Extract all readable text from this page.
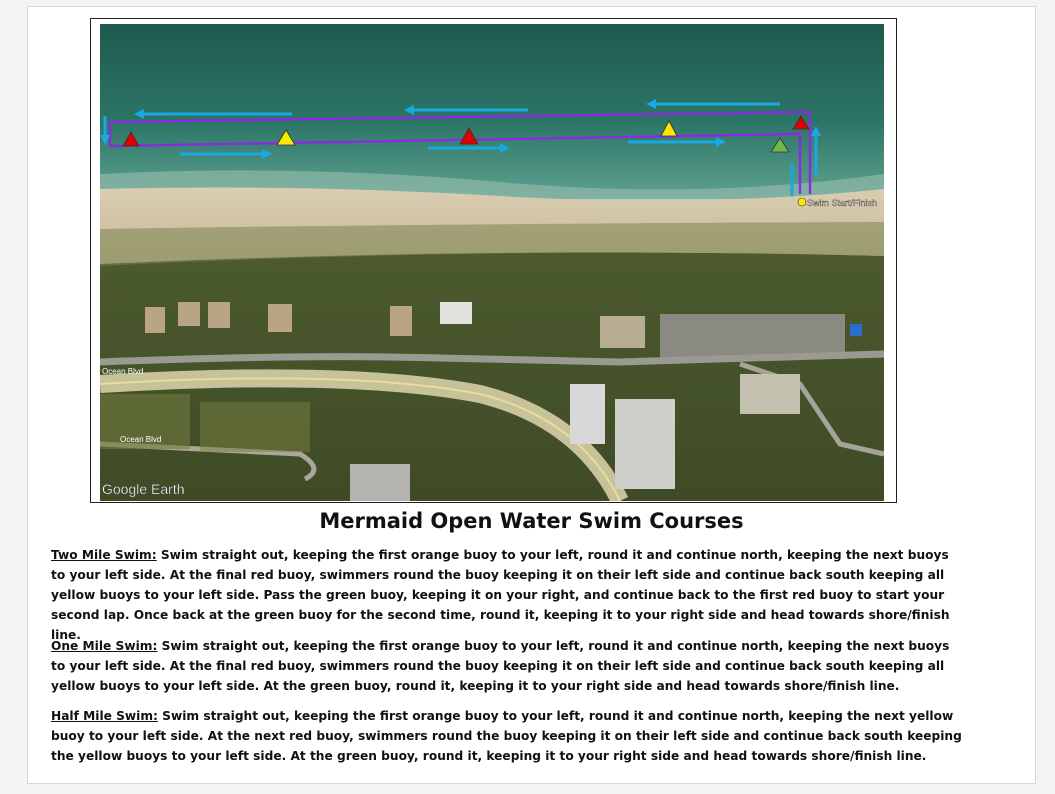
Swim Start/Finish
Ocean Blvd
Ocean Blvd
Google Earth
Mermaid Open Water Swim Courses

Two Mile Swim: Swim straight out, keeping the first orange buoy to your left, round it and continue north, keeping the next buoys to your left side. At the final red buoy, swimmers round the buoy keeping it on their left side and continue back south keeping all yellow buoys to your left side. Pass the green buoy, keeping it on your right, and continue back to the first red buoy to start your second lap. Once back at the green buoy for the second time, round it, keeping it to your right side and head towards shore/finish line.

One Mile Swim: Swim straight out, keeping the first orange buoy to your left, round it and continue north, keeping the next buoys to your left side. At the final red buoy, swimmers round the buoy keeping it on their left side and continue back south keeping all yellow buoys to your left side. At the green buoy, round it, keeping it to your right side and head towards shore/finish line.

Half Mile Swim: Swim straight out, keeping the first orange buoy to your left, round it and continue north, keeping the next yellow buoy to your left side. At the next red buoy, swimmers round the buoy keeping it on their left side and continue back south keeping the yellow buoys to your left side. At the green buoy, round it, keeping it to your right side and head towards shore/finish line.
